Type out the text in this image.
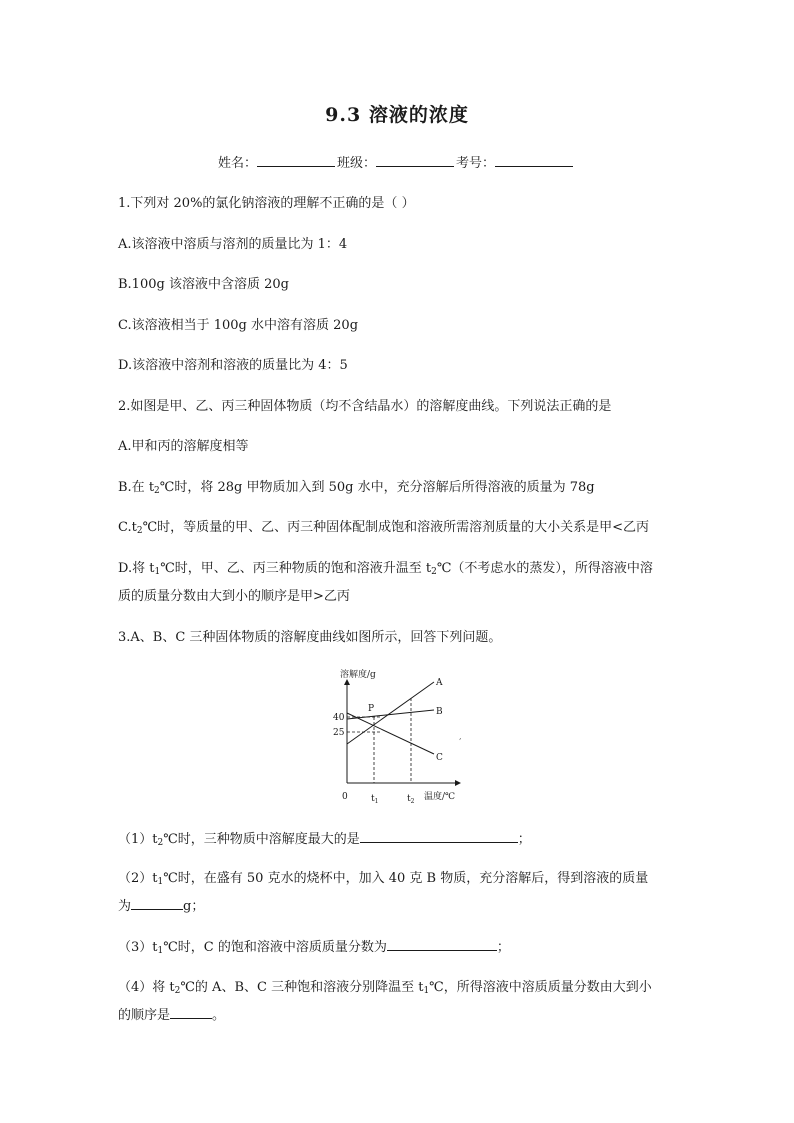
9.3 溶液的浓度
姓名：	班级：	考号：
1.下列对 20%的氯化钠溶液的理解不正确的是（ ）
A.该溶液中溶质与溶剂的质量比为 1：4
B.100g 该溶液中含溶质 20g
C.该溶液相当于 100g 水中溶有溶质 20g
D.该溶液中溶剂和溶液的质量比为 4：5
2.如图是甲、乙、丙三种固体物质（均不含结晶水）的溶解度曲线。下列说法正确的是
A.甲和丙的溶解度相等
B.在 $t_2℃$时，将 28g 甲物质加入到 50g 水中，充分溶解后所得溶液的质量为 78g
$C.t_2℃$时，等质量的甲、乙、丙三种固体配制成饱和溶液所需溶剂质量的大小关系是甲<乙丙
D.将 $t_1℃$时，甲、乙、丙三种物质的饱和溶液升温至 $t_2℃$（不考虑水的蒸发），所得溶液中溶
质的质量分数由大到小的顺序是甲>乙丙
3.A、B、C 三种固体物质的溶解度曲线如图所示，回答下列问题。
溶解度/g
0	温度/℃
$t_1$	$t_2$
40
25
P
A
B
C
,
$(1)t_2℃$时，三种物质中溶解度最大的是	；
$(2)t_1℃$时，在盛有 50 克水的烧杯中，加入 40 克 B 物质，充分溶解后，得到溶液的质量
为	g；
$(3)t_1℃$时，C 的饱和溶液中溶质质量分数为	；
（4）将 $t_2℃$的 A、B、C 三种饱和溶液分别降温至 $t_1℃$，所得溶液中溶质质量分数由大到小
的顺序是	。
